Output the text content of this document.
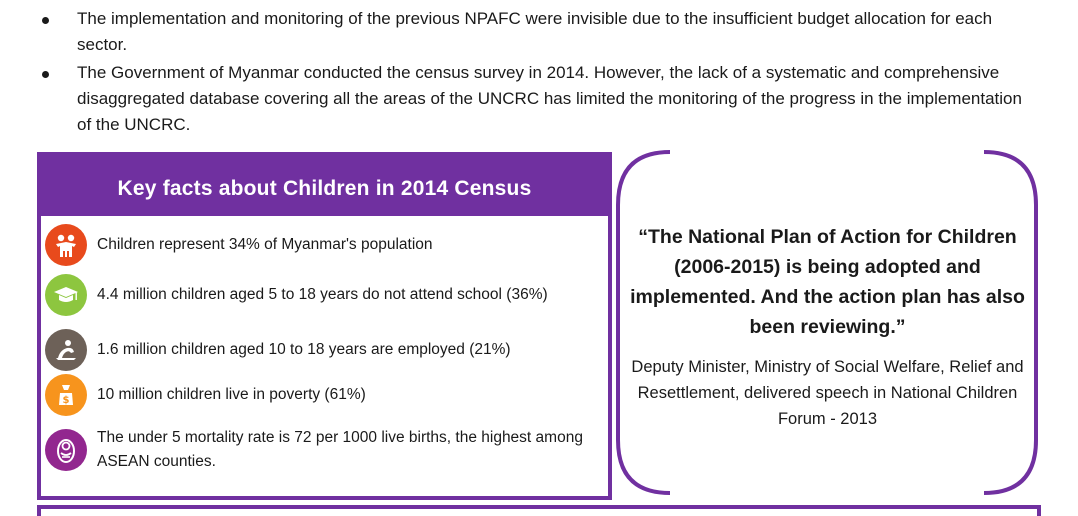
The implementation and monitoring of the previous NPAFC were invisible due to the insufficient budget allocation for each sector.
The Government of Myanmar conducted the census survey in 2014. However, the lack of a systematic and comprehensive disaggregated database covering all the areas of the UNCRC has limited the monitoring of the progress in the implementation of the UNCRC.
Key facts about Children in 2014 Census
Children represent 34% of Myanmar's population
4.4 million children aged 5 to 18 years do not attend school (36%)
1.6 million children aged 10 to 18 years are employed (21%)
$ 10 million children live in poverty (61%)
The under 5 mortality rate is 72 per 1000 live births, the highest among ASEAN counties.
“The National Plan of Action for Children (2006-2015) is being adopted and implemented. And the action plan has also been reviewing.”
Deputy Minister, Ministry of Social Welfare, Relief and Resettlement, delivered speech in National Children Forum - 2013
